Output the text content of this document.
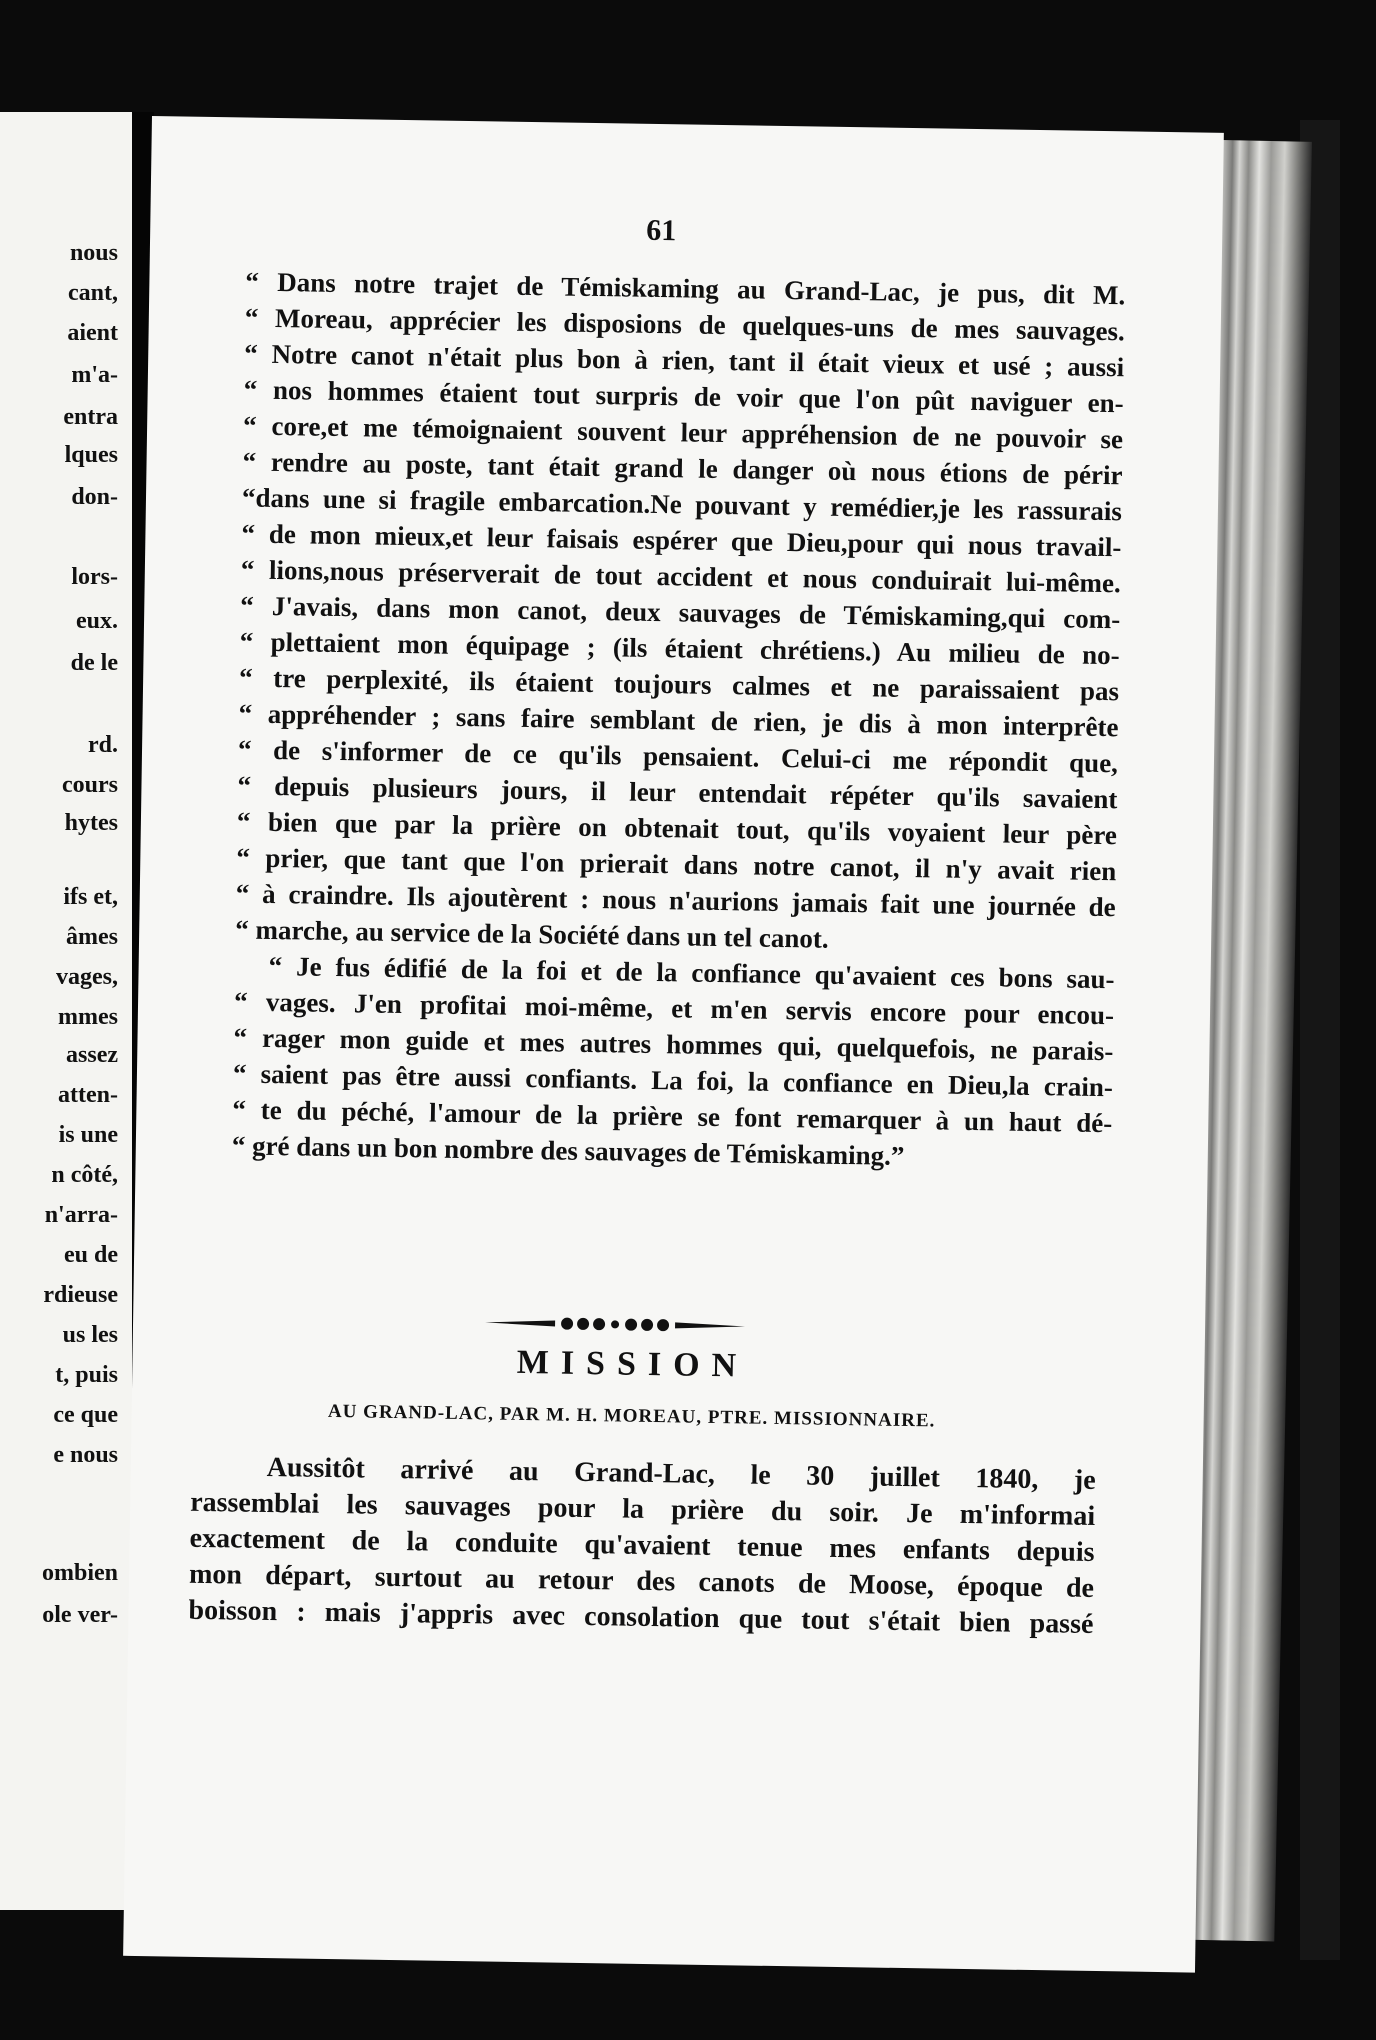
nous
cant,
aient
m'a-
entra
lques
don-
lors-
eux.
de le
rd.
cours
hytes
ifs et,
âmes
vages,
mmes
assez
atten-
is une
n côté,
n'arra-
eu de
rdieuse
us les
t, puis
ce que
e nous
ombien
ole ver-
61
“ Dans notre trajet de Témiskaming au Grand-Lac, je pus, dit M.
“ Moreau, apprécier les disposions de quelques-uns de mes sauvages.
“ Notre canot n'était plus bon à rien, tant il était vieux et usé ; aussi
“ nos hommes étaient tout surpris de voir que l'on pût naviguer en-
“ core,et me témoignaient souvent leur appréhension de ne pouvoir se
“ rendre au poste, tant était grand le danger où nous étions de périr
“dans une si fragile embarcation.Ne pouvant y remédier,je les rassurais
“ de mon mieux,et leur faisais espérer que Dieu,pour qui nous travail-
“ lions,nous préserverait de tout accident et nous conduirait lui-même.
“ J'avais, dans mon canot, deux sauvages de Témiskaming,qui com-
“ plettaient mon équipage ; (ils étaient chrétiens.) Au milieu de no-
“ tre perplexité, ils étaient toujours calmes et ne paraissaient pas
“ appréhender ; sans faire semblant de rien, je dis à mon interprête
“ de s'informer de ce qu'ils pensaient. Celui-ci me répondit que,
“ depuis plusieurs jours, il leur entendait répéter qu'ils savaient
“ bien que par la prière on obtenait tout, qu'ils voyaient leur père
“ prier, que tant que l'on prierait dans notre canot, il n'y avait rien
“ à craindre. Ils ajoutèrent : nous n'aurions jamais fait une journée de
“ marche, au service de la Société dans un tel canot.
“ Je fus édifié de la foi et de la confiance qu'avaient ces bons sau-
“ vages. J'en profitai moi-même, et m'en servis encore pour encou-
“ rager mon guide et mes autres hommes qui, quelquefois, ne parais-
“ saient pas être aussi confiants. La foi, la confiance en Dieu,la crain-
“ te du péché, l'amour de la prière se font remarquer à un haut dé-
“ gré dans un bon nombre des sauvages de Témiskaming.”
MISSION
AU GRAND-LAC, PAR M. H. MOREAU, PTRE. MISSIONNAIRE.
Aussitôt arrivé au Grand-Lac, le 30 juillet 1840, je
rassemblai les sauvages pour la prière du soir. Je m'informai
exactement de la conduite qu'avaient tenue mes enfants depuis
mon départ, surtout au retour des canots de Moose, époque de
boisson : mais j'appris avec consolation que tout s'était bien passé
